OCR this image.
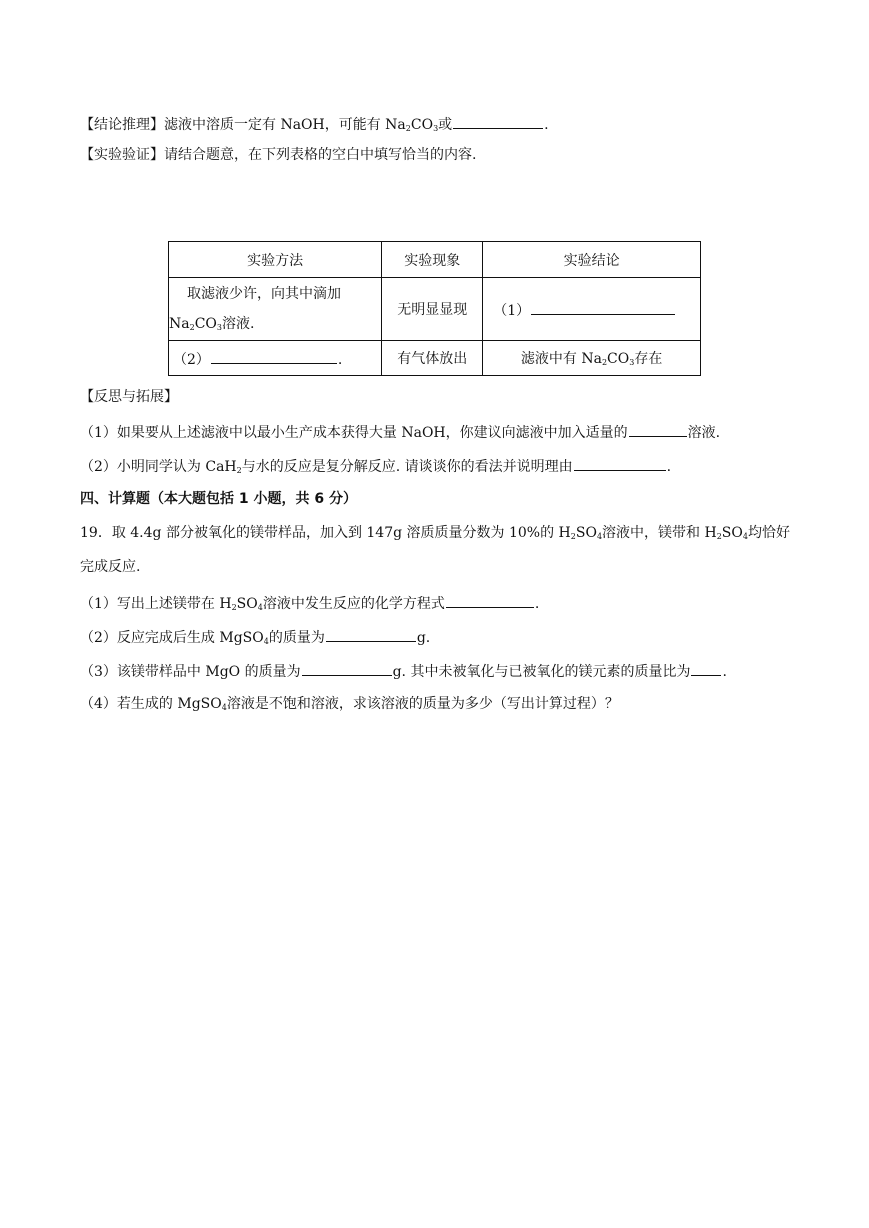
【结论推理】滤液中溶质一定有 NaOH，可能有 $Na_2CO_3$或	.
【实验验证】请结合题意，在下列表格的空白中填写恰当的内容.
实验方法	实验现象	实验结论

取滤液少许，向其中滴加
$Na_2CO_3$溶液.	无明显显现	（1）
（2） .	有气体放出	滤液中有 $Na_2CO_3$存在
【反思与拓展】
（1）如果要从上述滤液中以最小生产成本获得大量 NaOH，你建议向滤液中加入适量的	溶液.
（2）小明同学认为 CaH$_2$与水的反应是复分解反应. 请谈谈你的看法并说明理由	.
四、计算题（本大题包括 1 小题，共 6 分）
19．取 4.4g 部分被氧化的镁带样品，加入到 147g 溶质质量分数为 10%的 $H_2SO_4$溶液中，镁带和 $H_2SO_4$均恰好
完成反应.
（1）写出上述镁带在 $H_2SO_4$溶液中发生反应的化学方程式	.
（2）反应完成后生成 MgSO$_4$的质量为	g.
（3）该镁带样品中 MgO 的质量为	g. 其中未被氧化与已被氧化的镁元素的质量比为 .
（4）若生成的 MgSO$_4$溶液是不饱和溶液，求该溶液的质量为多少（写出计算过程）？
